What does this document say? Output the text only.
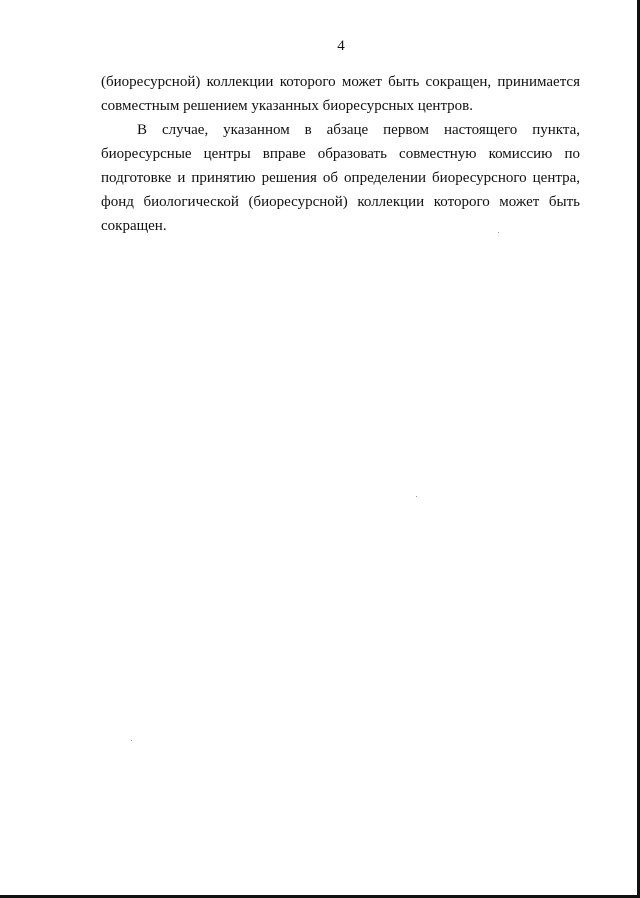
4

(биоресурсной) коллекции которого может быть сокращен, принимается совместным решением указанных биоресурсных центров.

В случае, указанном в абзаце первом настоящего пункта, биоресурсные центры вправе образовать совместную комиссию по подготовке и принятию решения об определении биоресурсного центра, фонд биологической (биоресурсной) коллекции которого может быть сокращен.
